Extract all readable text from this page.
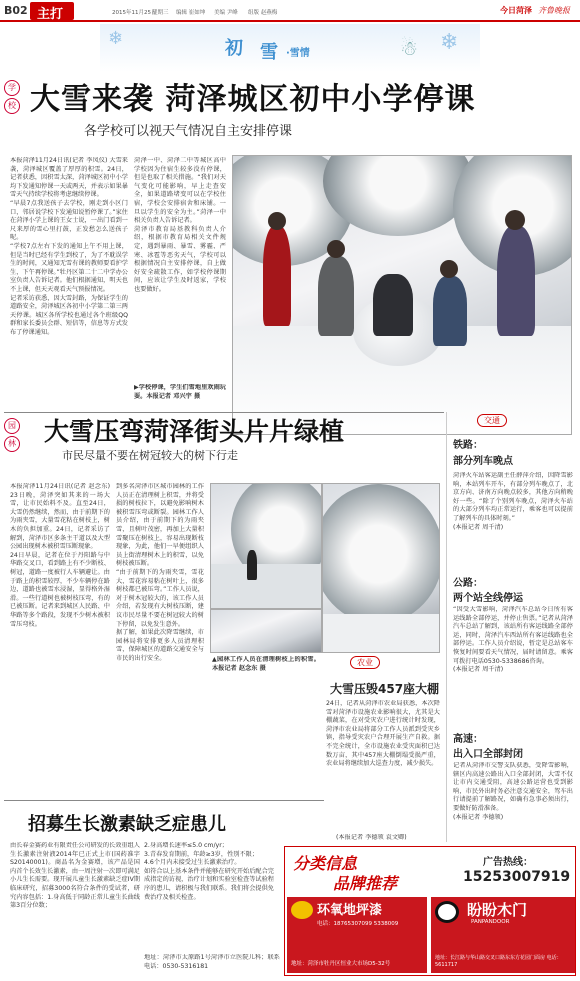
B02 主打	2015年11月25日
星期三 编辑 崔如坤 美编 尹峰 组版 赵燕梅	今日菏泽 齐鲁晚报
❄	❄
☃
初 雪 ·雪情
学
校 大雪来袭 菏泽城区初中小学停课
各学校可以视天气情况自主安排停课
本报菏泽11月24日讯(记者 李凤仪) 大雪来袭，菏泽城区覆盖了厚厚的积雪。24日，记者获悉，因积雪太深，菏泽城区初中小学均下发通知停课一天或两天，并表示如果暴雪天气持续学校将考虑继续停课。
“早晨7点我送孩子去学校，刚走到小区门口，邻居说学校下发通知说暂停课了。”家住在菏泽小学上课的王女士说，一出门看到一尺来厚的雪心里打鼓，正发愁怎么送孩子呢。
“学校7点左右下发的通知上午不用上课，但是当时已经有学生到校了，为了不耽误学生的时间，又通知无雪有课的教师要看护学生，下午再停课。”牡丹区第二十二中学办公室负责人告诉记者。他们根据通知，明天也不上课，但天天观看天气预报情况。
记者采访获悉，因大雪封路，为保证学生的道路安全，菏泽城区各初中小学第二第三两天停课。城区各所学校也通过各个班级QQ群和家长委员会群、短信等，信息等方式发布了停课通知。
菏泽一中、菏泽二中等城区高中学校因为住宿生较多没有停课，但是也取了相关措施。“我们对天气变化可能影响，早上走查安全，如果道路堵变可以在学校住宿，学校会安排宿舍和床铺。一旦以学生的安全为主。”菏泽一中相关负责人告诉记者。
菏泽市教育局基教科负责人介绍，根据市教育局相关文件规定，遇到暴雨、暴雪、雾霾、严寒、冰雹等恶劣天气，学校可以根据情况自主安排停课，自上做好安全疏散工作，如学校停课期间，应该让学生及时返家，学校也要做好。
▶学校停课，学生们雪地里欢闹玩耍。本报记者 邓兴宇 摄
园
林 大雪压弯菏泽街头片片绿植
市民尽量不要在树冠较大的树下行走
本报菏泽11月24日讯(记者 赵念东) 23日晚，菏泽突如其来的一场大雪，让市民始料不及。直至24日，大雪仍然继续，然而，由于前期下的为雨夹雪，大量雪花粘在树枝上，树木的负担加重。24日，记者采访了解到，菏泽市区多条主干道以及大型公园出现树木被积雪压断现象。
24日早晨，记者在位于丹阳路与中华路交叉口，看到路上有不少断枝、树冠，道路一度被行人车辆避让。由于路上的积雪较厚，不少车辆停在路边，道路也被雪水浸湿，显得格外湿滑。一些行道树也被树枝压弯，有的已被压断。记者来到城区人民路、中华路等多个路段，发现不少树木被积雪压弯枝。
到多名菏泽市区城市园林的工作人员正在清理树上积雪，并将受损的树枝拉下，以避免影响树木被积雪压弯或断裂。园林工作人员介绍，由于前期下的为雨夹雪，且树叶茂密，再加上大量积雪聚压在树枝上，容易出现断枝现象，为此，他们一早便组织人员上街清理树木上的积雪，以免树枝被压断。
“由于前期下的为雨夹雪，雪花大，雪花容易粘在树叶上，很多树枝都已被压弯。”工作人员说，对于树木冠较大的，该工作人员介绍，若发现有大树枝压断，建议市民尽量不要在树冠较大的树下停留，以免发生意外。
据了解，如果此次降雪继续，市园林局将安排更多人员清理积雪，保障城区的道路交通安全与市民的出行安全。	▲园林工作人员在清理树枝上的积雪。本报记者 赵念东 摄
交通
铁路：
部分列车晚点
菏泽火车站客运副主任薛萍介绍，因降雪影响，本站列车开车，有部分列车晚点了，北京方向、济南方向晚点较多，其他方向稍晚好一些。“除了个别列车晚点，菏泽火车站的大部分列车均正常运行，乘客也可以提前了解列车的具体时刻。”
(本报记者 周千清)
公路：
两个站全线停运
“因受大雪影响，菏泽汽车总站今日所有客运线路全部停运，并停止售票。”记者从菏泽汽车总站了解到，该站所有客运线路全部停运，同时，菏泽汽车西站所有客运线路也全部停运。工作人员介绍说，暂定是总站客车恢复时间要看天气情况，届时请留意。乘客可拨打电话0530-5338686咨询。
(本报记者 周千清)
高速：
出入口全部封闭
记者从菏泽市交警支队获悉，受降雪影响，辖区内高速公路出入口全部封闭，大雪不仅让市内交通受阻，高速公路运营也受到影响，市民外出时务必注意交通安全，驾车出行请提前了解路况，如确有急事必须出行，要做好防滑准备。
(本报记者 李德领)
农业
大雪压毁457座大棚
24日，记者从菏泽市农业局获悉，本次降雪对菏泽市设施农业影响很大，尤其是大棚蔬菜，在对受灾农户进行统计时发现，菏泽市农业局将部分工作人员派到受灾乡镇，指导受灾农户合理开展生产自救。据不完全统计，全市设施农业受灾面积已达数万亩，其中457座大棚倒塌受损严重，农业局将继续加大巡查力度，减少损失。
(本报记者 李德领 袁文卿)
招募生长激素缺乏症患儿
由长春金赛药业有限责任公司研发的长效重组人生长激素注射液2014年已正式上市(国药准字S20140001)。商品名为金赛增，该产品是国内首个长效生长激素，由一周注射一次即可满足小儿生长需要。现开展儿童生长激素缺乏症IV期临床研究，招募3000名符合条件的受试者，研究内容包括：1.身高低于同龄正常儿童生长曲线第3百分位数；
2.身高增长速率≤5.0 cm/yr；
3.青春发育期前，年龄≥3岁，性别不限；
4.6个月内未接受过生长激素治疗。
如符合以上基本条件并能够在研究开始后配合完成指定的访视，治疗计划和实验室检查等试验程序的患儿，请积极与我们联系。我们将会提供免费治疗及相关检查。
地址：菏泽市太原路1号菏泽市立医院儿科；联系电话：0530-5316181
分类信息
品牌推荐
广告热线：
15253007919
环氧地坪漆
电话：18765307099 5338009
地址：菏泽市牡丹区恒业大市场D5-32号
盼盼木门
PANPANDOOR
地址：长江路与华山路交叉口路东东方花园门面房 电话：5611717
